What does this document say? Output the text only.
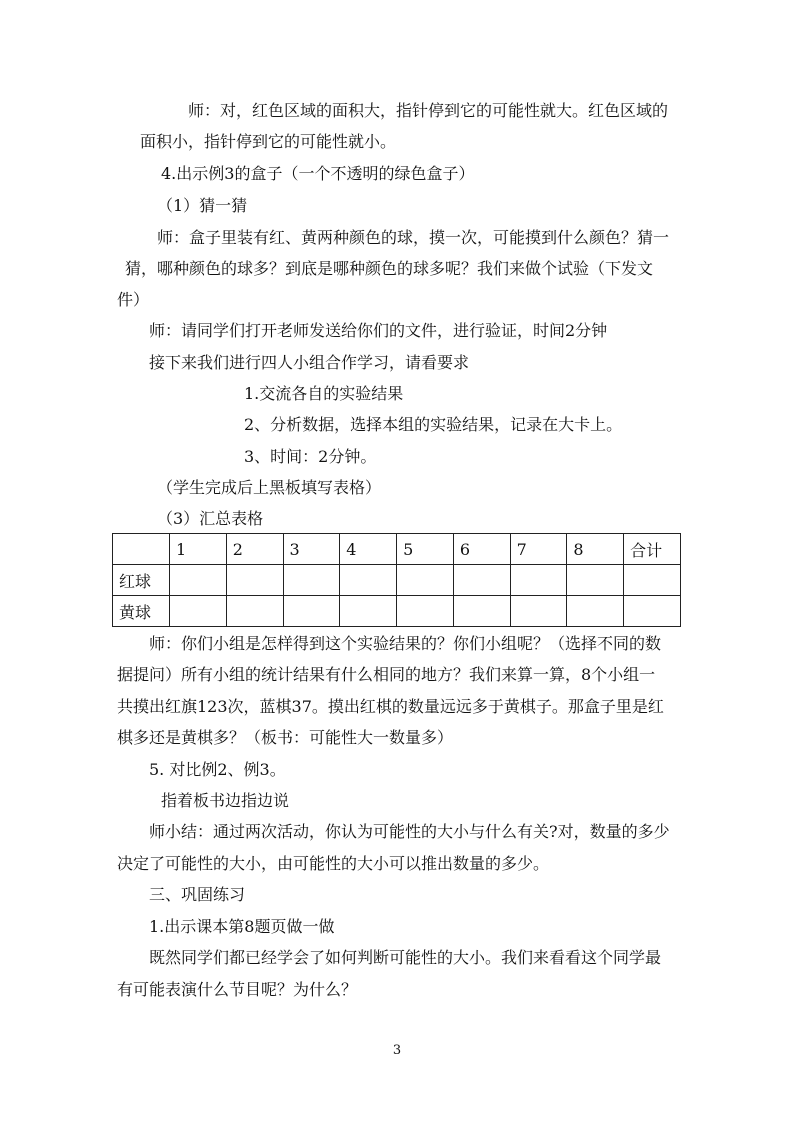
师：对，红色区域的面积大，指针停到它的可能性就大。红色区域的
面积小，指针停到它的可能性就小。
4.出示例3的盒子（一个不透明的绿色盒子）
（1）猜一猜
师：盒子里装有红、黄两种颜色的球，摸一次，可能摸到什么颜色？猜一
猜，哪种颜色的球多？到底是哪种颜色的球多呢？我们来做个试验（下发文
件）
师：请同学们打开老师发送给你们的文件，进行验证，时间2分钟
接下来我们进行四人小组合作学习，请看要求
1.交流各自的实验结果
2、分析数据，选择本组的实验结果，记录在大卡上。
3、时间：2分钟。
（学生完成后上黑板填写表格）
（3）汇总表格
	1	2	3	4	5	6	7	8	合计
红球									
黄球									
师：你们小组是怎样得到这个实验结果的？你们小组呢？（选择不同的数
据提问）所有小组的统计结果有什么相同的地方？我们来算一算，8个小组一
共摸出红旗123次，蓝棋37。摸出红棋的数量远远多于黄棋子。那盒子里是红
棋多还是黄棋多？（板书：可能性大一数量多）
5. 对比例2、例3。
指着板书边指边说
师小结：通过两次活动，你认为可能性的大小与什么有关?对，数量的多少
决定了可能性的大小，由可能性的大小可以推出数量的多少。
三、巩固练习
1.出示课本第8题页做一做
既然同学们都已经学会了如何判断可能性的大小。我们来看看这个同学最
有可能表演什么节目呢？为什么？
3
